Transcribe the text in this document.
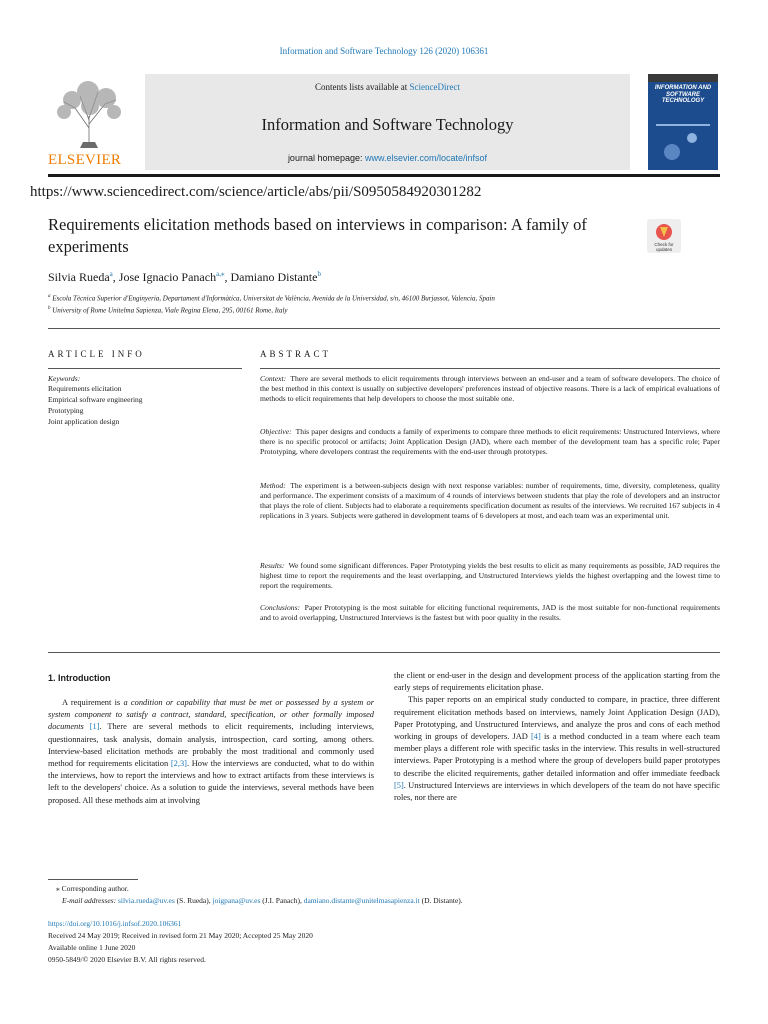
Information and Software Technology 126 (2020) 106361
ELSEVIER
Contents lists available at ScienceDirect
Information and Software Technology
journal homepage: www.elsevier.com/locate/infsof
INFORMATION AND SOFTWARE TECHNOLOGY
https://www.sciencedirect.com/science/article/abs/pii/S0950584920301282
Requirements elicitation methods based on interviews in comparison: A family of experiments	Check for
updates
Silvia Rueda$^a$, Jose Ignacio Panach$^{a,⁎}$, Damiano Distante$^b$
$^a$ Escola Tècnica Superior d'Enginyeria, Departament d'Informàtica, Universitat de València, Avenida de la Universidad, s/n, 46100 Burjassot, Valencia, Spain
$^b$ University of Rome Unitelma Sapienza, Viale Regina Elena, 295, 00161 Rome, Italy
ARTICLE INFO
Keywords:
Requirements elicitation
Empirical software engineering
Prototyping
Joint application design
ABSTRACT
Context: There are several methods to elicit requirements through interviews between an end-user and a team of software developers. The choice of the best method in this context is usually on subjective developers' preferences instead of objective reasons. There is a lack of empirical evaluations of methods to elicit requirements that help developers to choose the most suitable one.
Objective: This paper designs and conducts a family of experiments to compare three methods to elicit requirements: Unstructured Interviews, where there is no specific protocol or artifacts; Joint Application Design (JAD), where each member of the development team has a specific role; Paper Prototyping, where developers contrast the requirements with the end-user through prototypes.
Method: The experiment is a between-subjects design with next response variables: number of requirements, time, diversity, completeness, quality and performance. The experiment consists of a maximum of 4 rounds of interviews between students that play the role of developers and an instructor that plays the role of client. Subjects had to elaborate a requirements specification document as results of the interviews. We recruited 167 subjects in 4 replications in 3 years. Subjects were gathered in development teams of 6 developers at most, and each team was an experimental unit.
Results: We found some significant differences. Paper Prototyping yields the best results to elicit as many requirements as possible, JAD requires the highest time to report the requirements and the least overlapping, and Unstructured Interviews yields the highest overlapping and the lowest time to report the requirements.
Conclusions: Paper Prototyping is the most suitable for eliciting functional requirements, JAD is the most suitable for non-functional requirements and to avoid overlapping, Unstructured Interviews is the fastest but with poor quality in the results.
1. Introduction

A requirement is a condition or capability that must be met or possessed by a system or system component to satisfy a contract, standard, specification, or other formally imposed documents [1]. There are several methods to elicit requirements, including interviews, questionnaires, task analysis, domain analysis, introspection, card sorting, among others. Interview-based elicitation methods are probably the most traditional and commonly used method for requirements elicitation [2,3]. How the interviews are conducted, what to do within the interviews, how to report the interviews and how to extract artifacts from these interviews is left to the developers' choice. As a solution to guide the interviews, several methods have been proposed. All these methods aim at involving

the client or end-user in the design and development process of the application starting from the early steps of requirements elicitation phase.

This paper reports on an empirical study conducted to compare, in practice, three different requirement elicitation methods based on interviews, namely Joint Application Design (JAD), Paper Prototyping, and Unstructured Interviews, and analyze the pros and cons of each method working in groups of developers. JAD [4] is a method conducted in a team where each team member plays a different role with specific tasks in the interview. This results in well-structured interviews. Paper Prototyping is a method where the group of developers build paper prototypes to describe the elicited requirements, gather detailed information and offer immediate feedback [5]. Unstructured Interviews are interviews in which developers of the team do not have specific roles, nor there are

⁎ Corresponding author.
E-mail addresses: silvia.rueda@uv.es (S. Rueda), joigpana@uv.es (J.I. Panach), damiano.distante@unitelmasapienza.it (D. Distante).
https://doi.org/10.1016/j.infsof.2020.106361
Received 24 May 2019; Received in revised form 21 May 2020; Accepted 25 May 2020
Available online 1 June 2020
0950-5849/© 2020 Elsevier B.V. All rights reserved.
